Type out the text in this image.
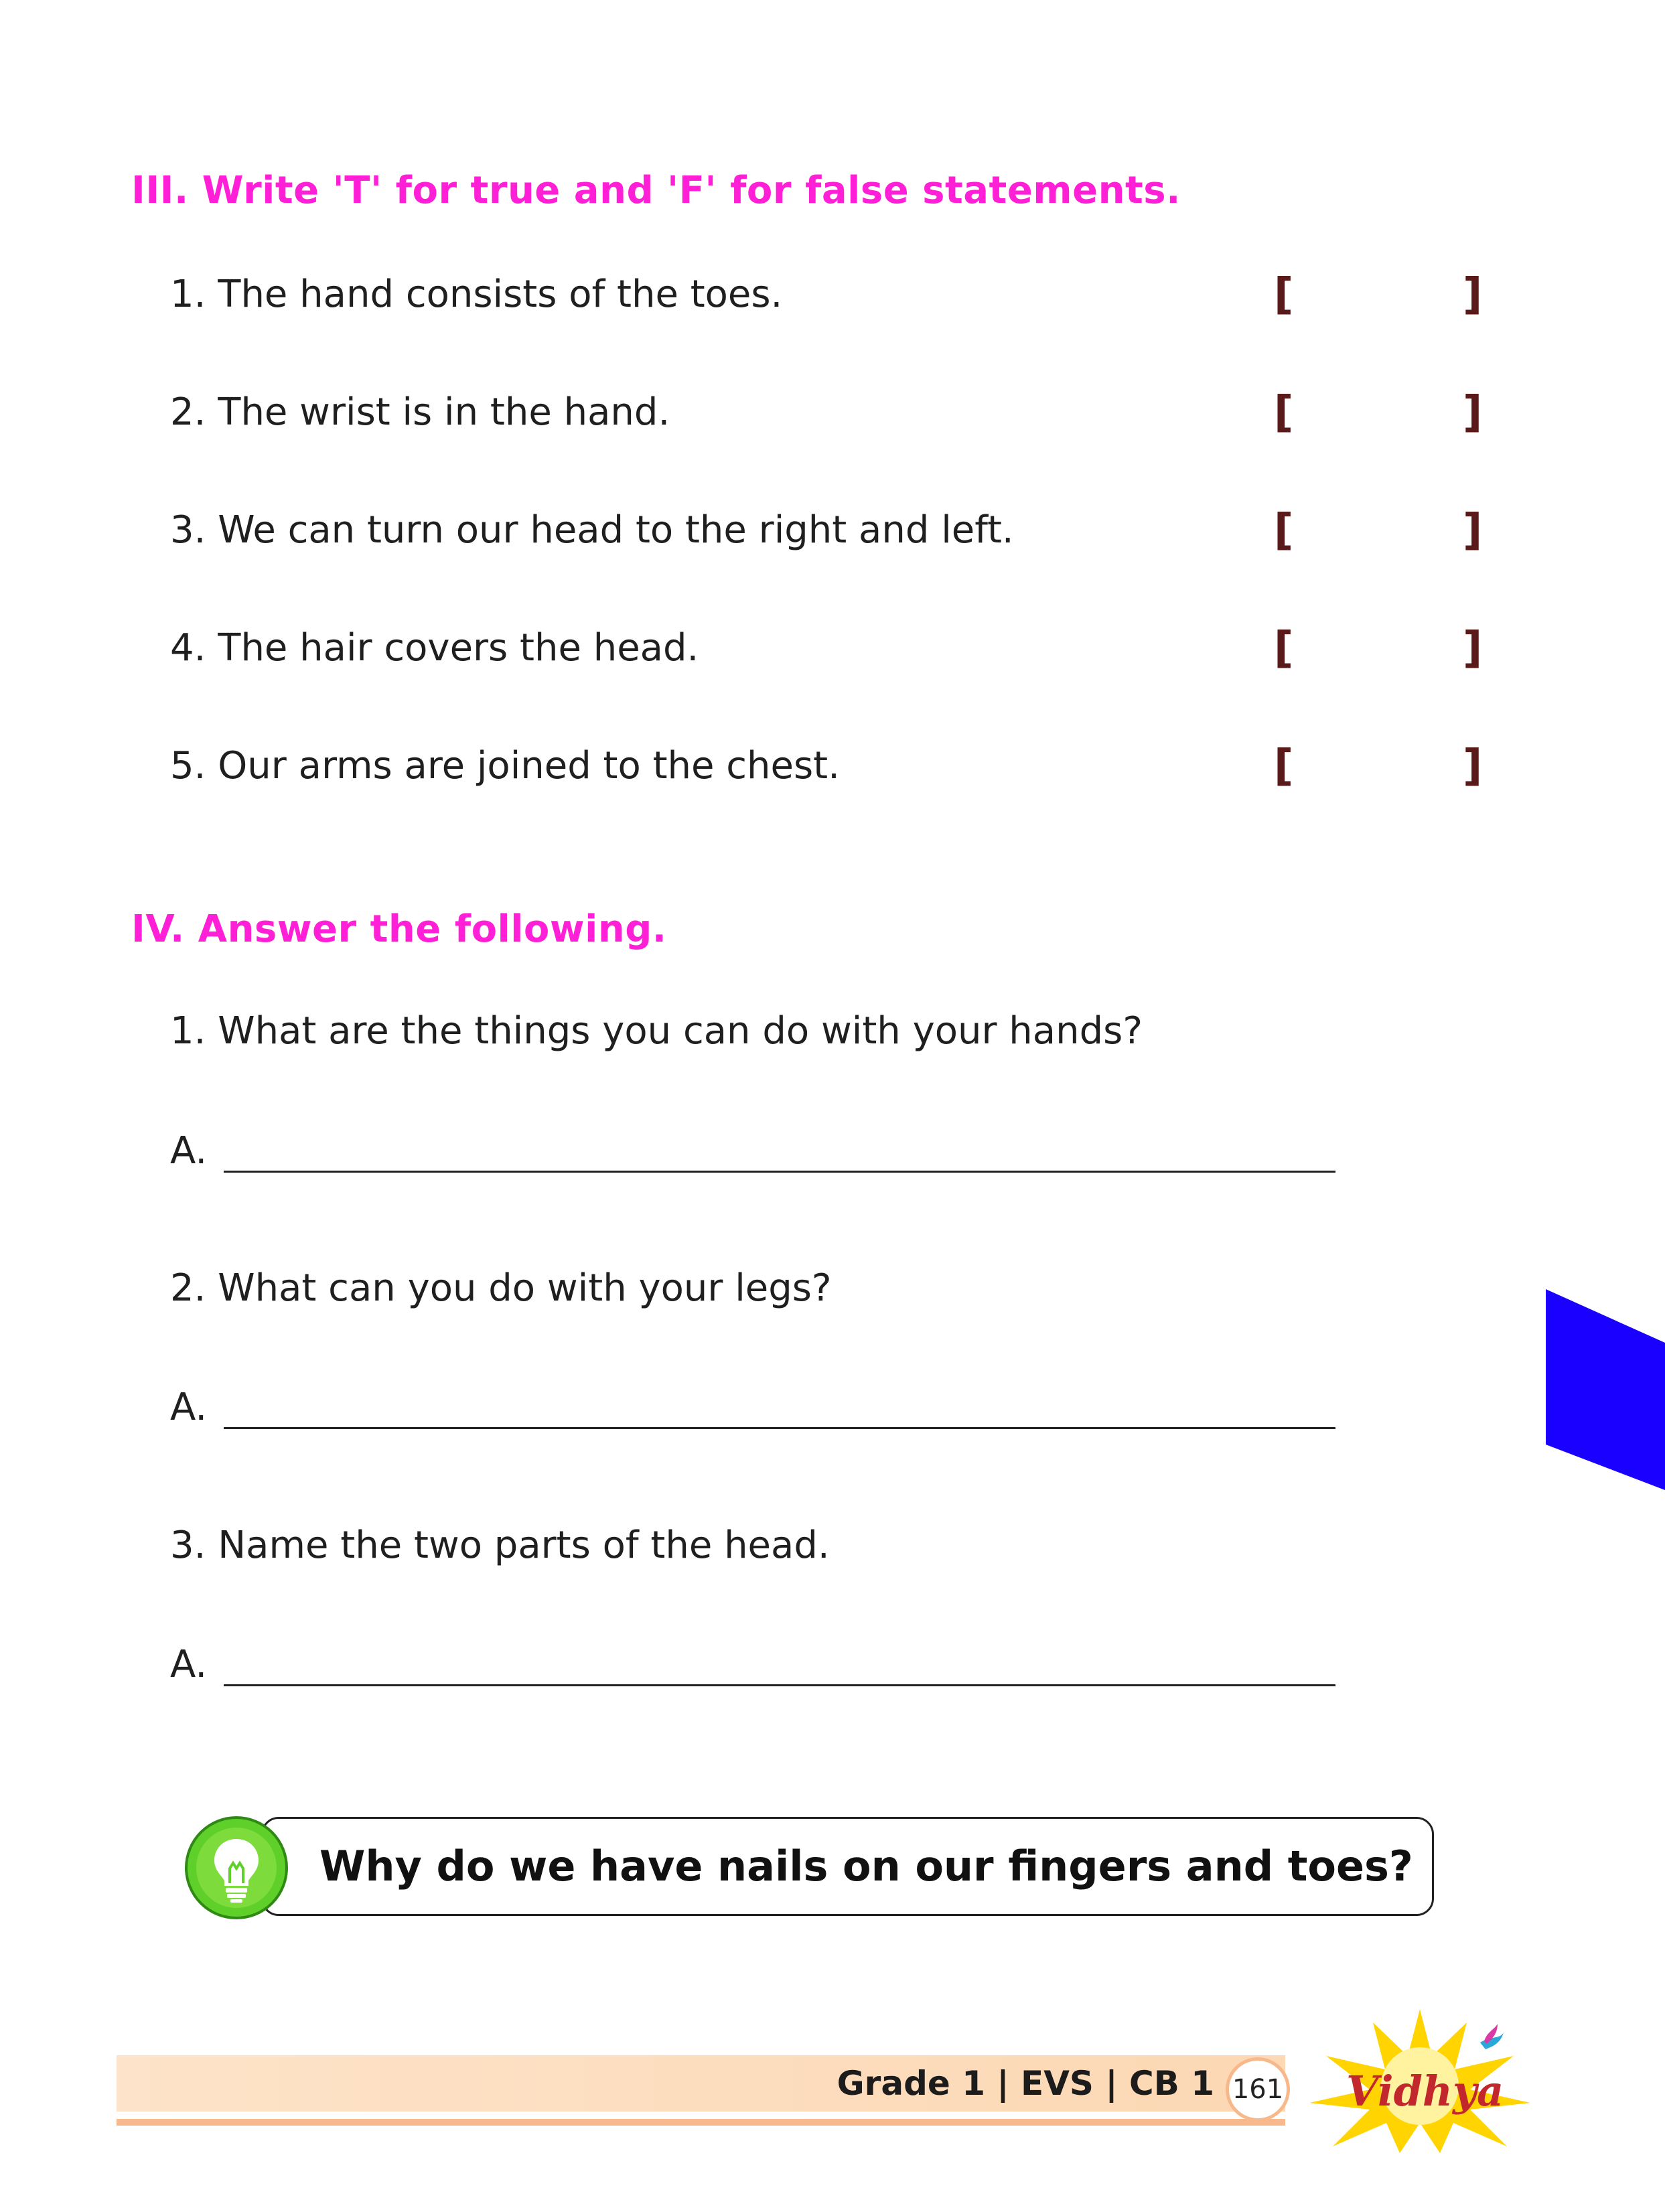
III. Write 'T' for true and 'F' for false statements.
1. The hand consists of the toes.	[	]
2. The wrist is in the hand.	[	]
3. We can turn our head to the right and left.	[	]
4. The hair covers the head.	[	]
5. Our arms are joined to the chest.	[	]
IV. Answer the following.
1. What are the things you can do with your hands?
A.
2. What can you do with your legs?
A.
3. Name the two parts of the head.
A.

Why do we have nails on our fingers and toes?

Grade 1 | EVS | CB 1 161 Vidhya
